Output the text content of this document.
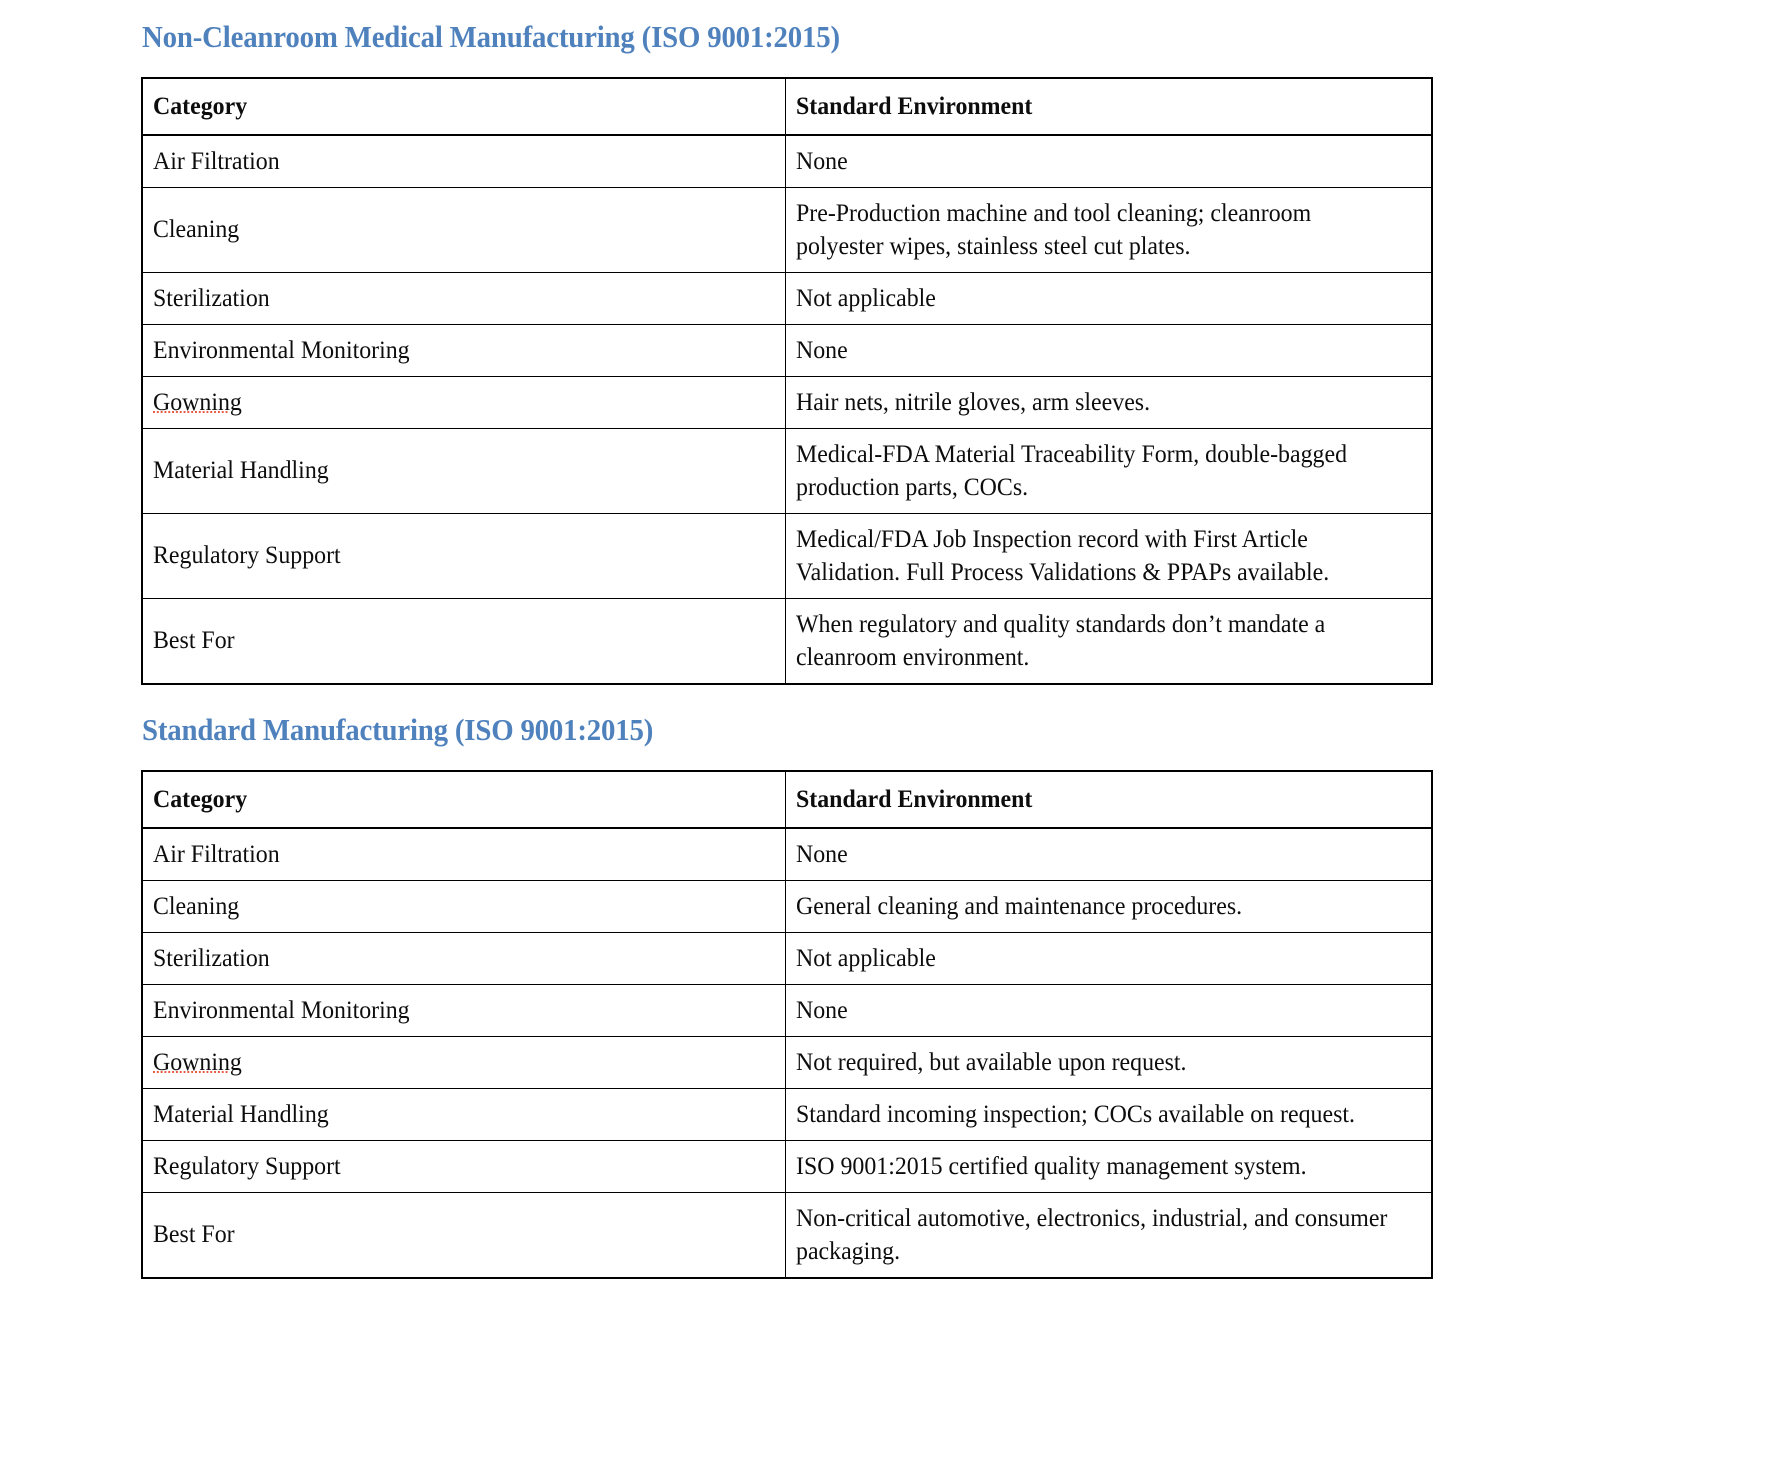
Non-Cleanroom Medical Manufacturing (ISO 9001:2015)
Category	Standard Environment

Air Filtration	None

Cleaning	Pre-Production machine and tool cleaning; cleanroom polyester wipes, stainless steel cut plates.

Sterilization	Not applicable

Environmental Monitoring	None

Gowning	Hair nets, nitrile gloves, arm sleeves.

Material Handling	Medical-FDA Material Traceability Form, double-bagged production parts, COCs.

Regulatory Support	Medical/FDA Job Inspection record with First Article Validation. Full Process Validations & PPAPs available.

Best For	When regulatory and quality standards don’t mandate a cleanroom environment.
Standard Manufacturing (ISO 9001:2015)
Category	Standard Environment

Air Filtration	None

Cleaning	General cleaning and maintenance procedures.

Sterilization	Not applicable

Environmental Monitoring	None

Gowning	Not required, but available upon request.

Material Handling	Standard incoming inspection; COCs available on request.

Regulatory Support	ISO 9001:2015 certified quality management system.

Best For	Non-critical automotive, electronics, industrial, and consumer packaging.
